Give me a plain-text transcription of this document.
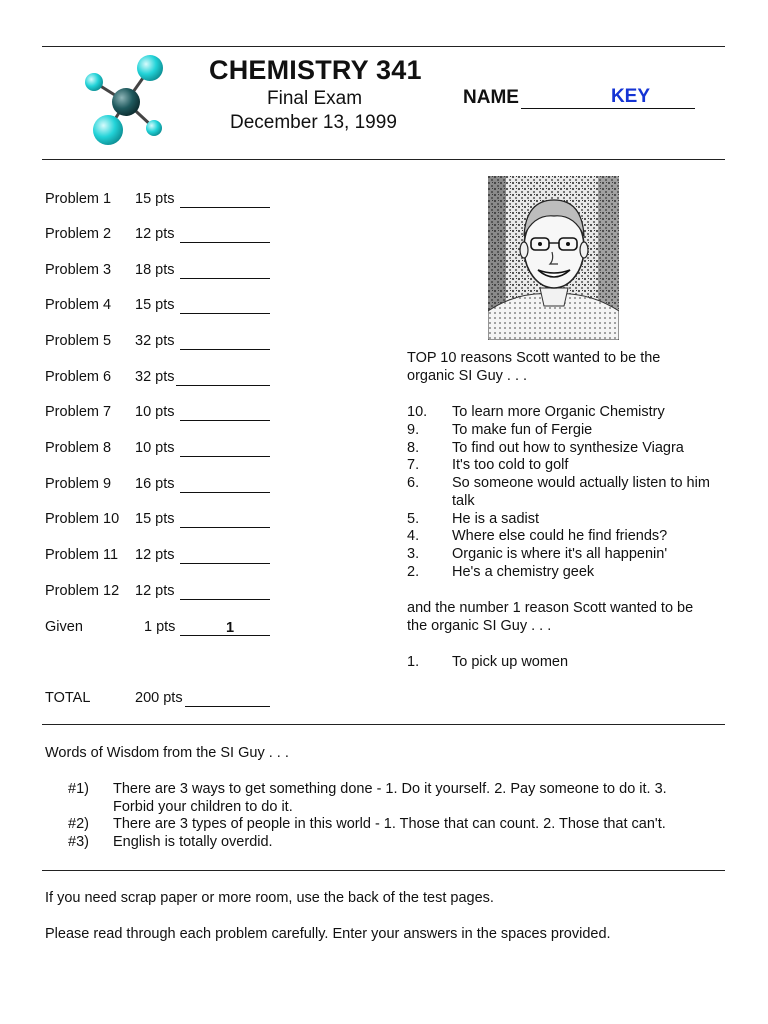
CHEMISTRY 341
Final Exam
December 13, 1999
NAME	KEY
Problem 1 15 pts
Problem 2 12 pts
Problem 3 18 pts
Problem 4 15 pts
Problem 5 32 pts
Problem 6 32 pts
Problem 7 10 pts
Problem 8 10 pts
Problem 9 16 pts
Problem 10 15 pts
Problem 11 12 pts
Problem 12 12 pts
Given	1 pts	1
TOTAL	200 pts
TOP 10 reasons Scott wanted to be the organic SI Guy . . .
10. To learn more Organic Chemistry
9. To make fun of Fergie
8. To find out how to synthesize Viagra
7. It's too cold to golf
6. So someone would actually listen to him talk
5. He is a sadist
4. Where else could he find friends?
3. Organic is where it's all happenin'
2. He's a chemistry geek
and the number 1 reason Scott wanted to be the organic SI Guy . . .
1. To pick up women
Words of Wisdom from the SI Guy . . .
#1) There are 3 ways to get something done - 1. Do it yourself. 2. Pay someone to do it. 3. Forbid your children to do it.
#2) There are 3 types of people in this world - 1. Those that can count. 2. Those that can't.
#3) English is totally overdid.
If you need scrap paper or more room, use the back of the test pages.
Please read through each problem carefully. Enter your answers in the spaces provided.
